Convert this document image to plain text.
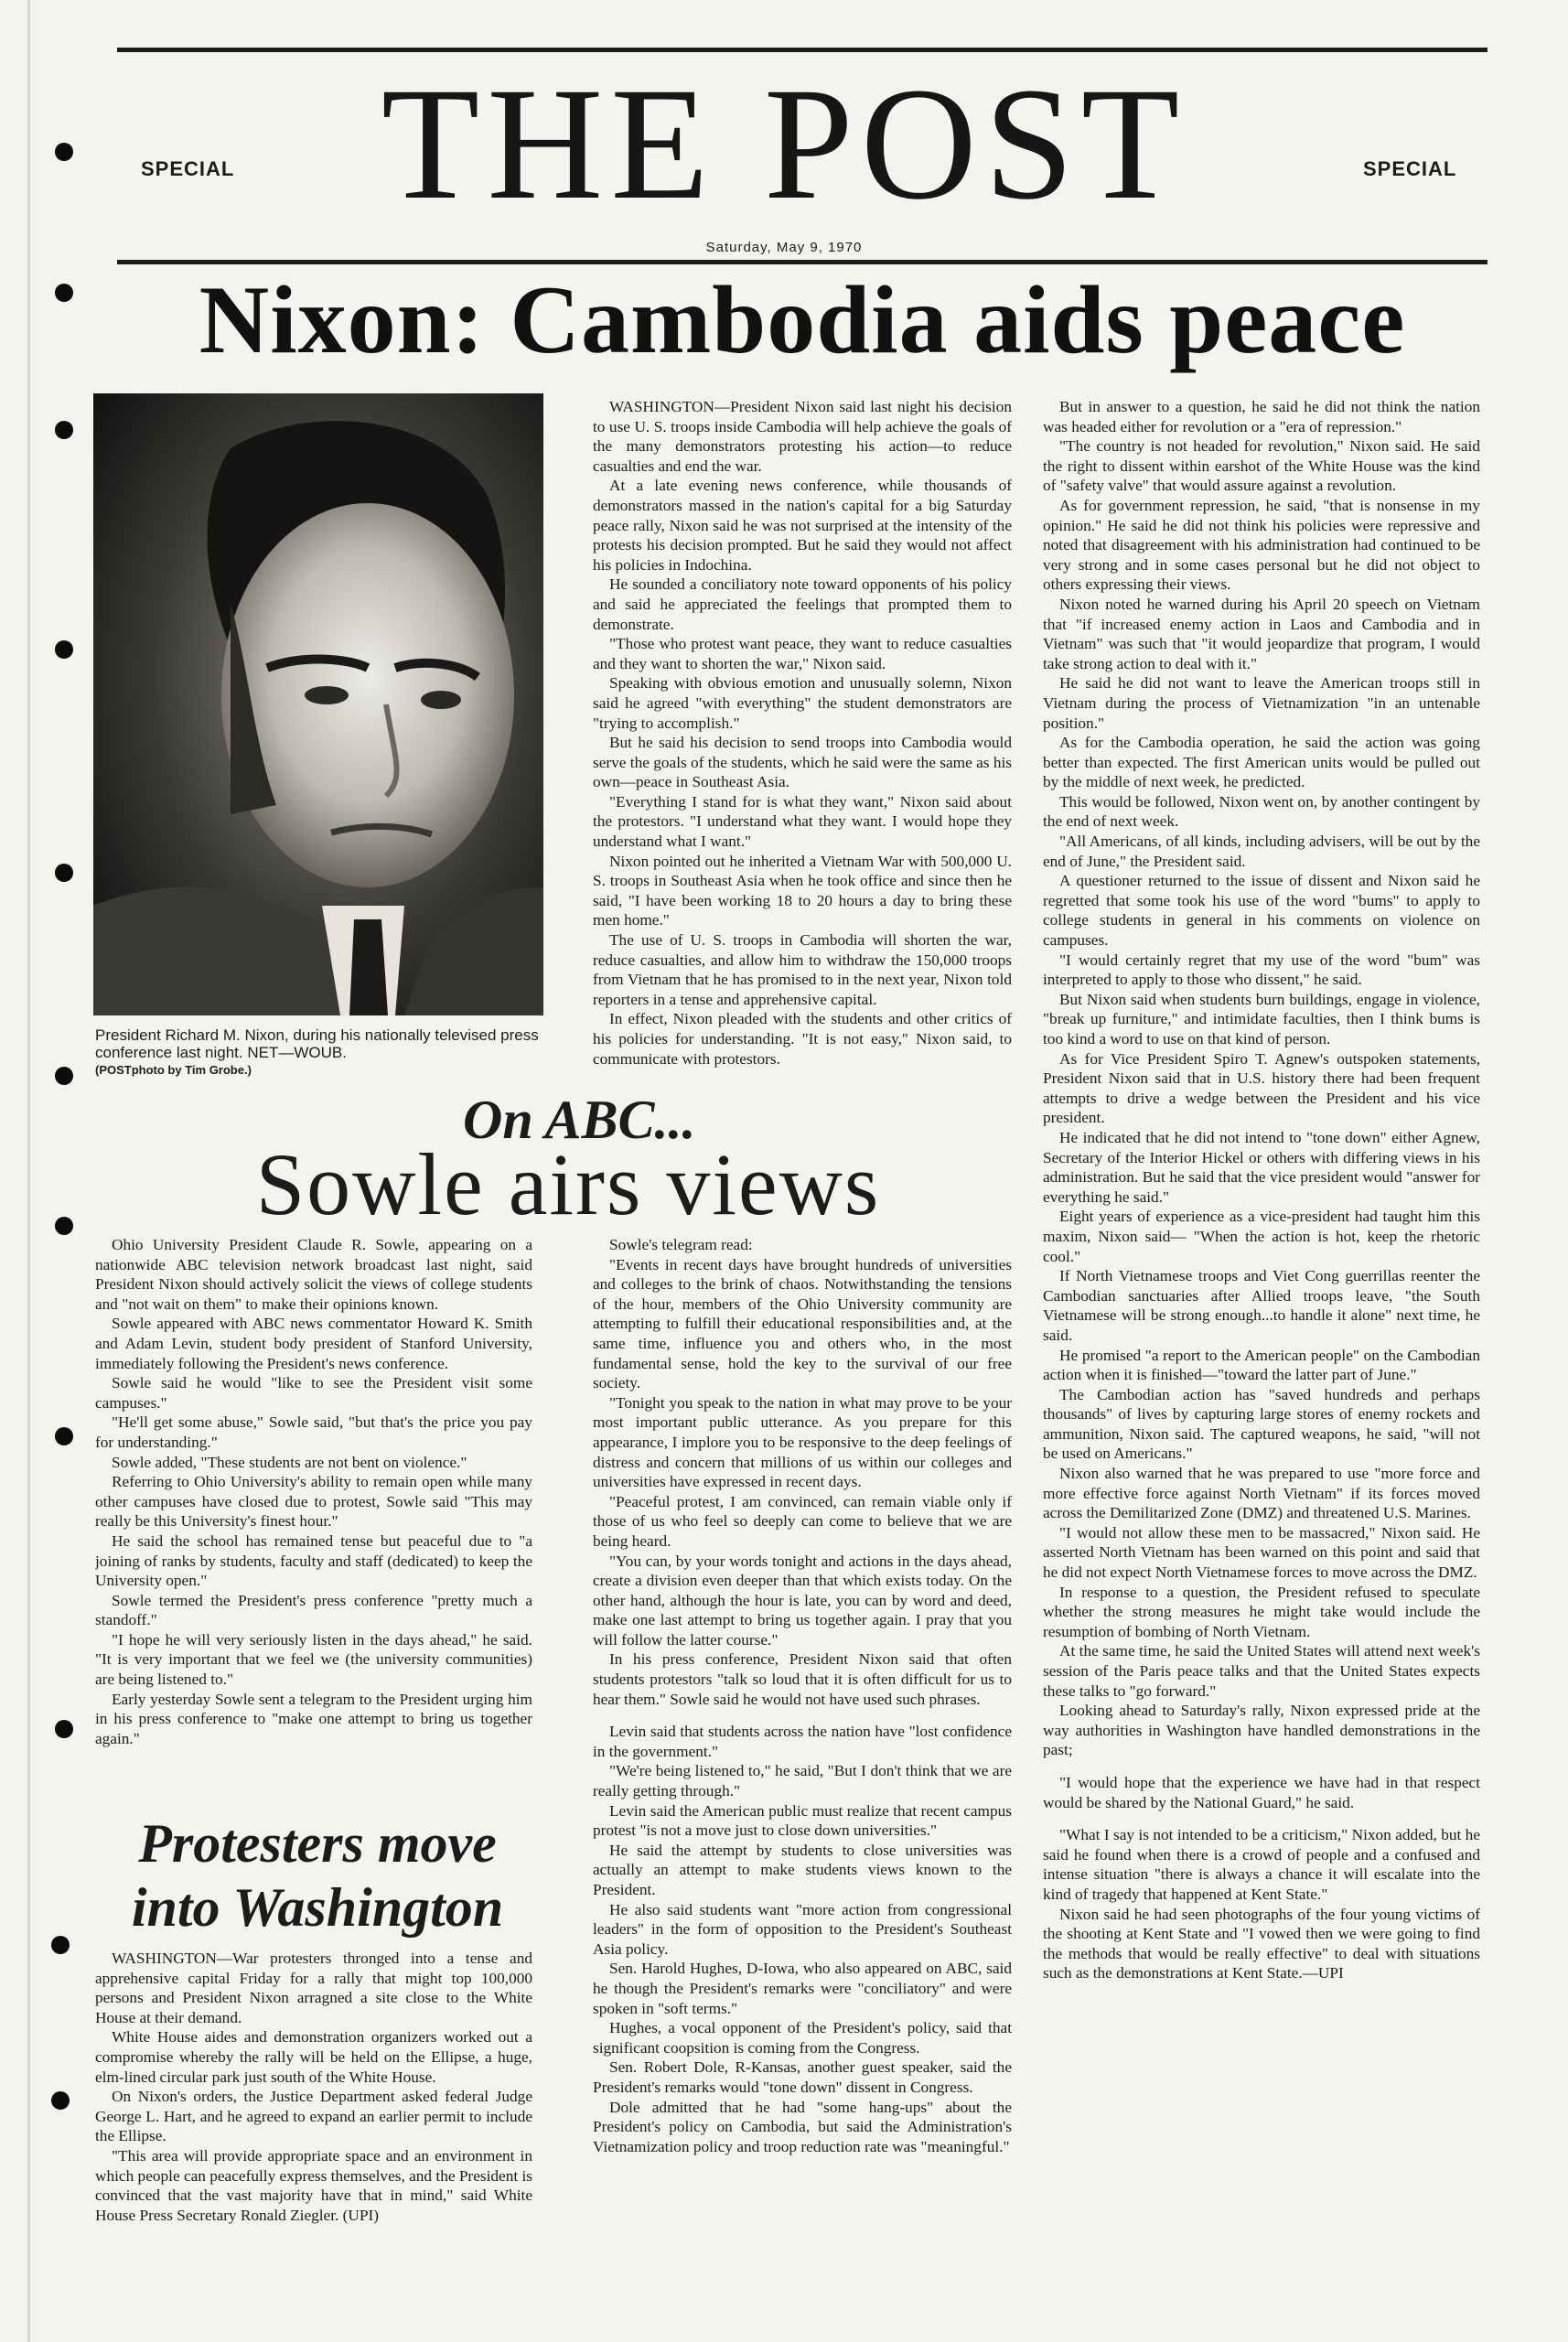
SPECIAL THE POST	SPECIAL
Saturday, May 9, 1970
Nixon: Cambodia aids peace
President Richard M. Nixon, during his nationally televised press conference last night. NET—WOUB.
(POSTphoto by Tim Grobe.)

WASHINGTON—President Nixon said last night his decision to use U. S. troops inside Cambodia will help achieve the goals of the many demonstrators protesting his action—to reduce casualties and end the war.

At a late evening news conference, while thousands of demonstrators massed in the nation's capital for a big Saturday peace rally, Nixon said he was not surprised at the intensity of the protests his decision prompted. But he said they would not affect his policies in Indochina.

He sounded a conciliatory note toward opponents of his policy and said he appreciated the feelings that prompted them to demonstrate.

"Those who protest want peace, they want to reduce casualties and they want to shorten the war," Nixon said.

Speaking with obvious emotion and unusually solemn, Nixon said he agreed "with everything" the student demonstrators are "trying to accomplish."

But he said his decision to send troops into Cambodia would serve the goals of the students, which he said were the same as his own—peace in Southeast Asia.

"Everything I stand for is what they want," Nixon said about the protestors. "I understand what they want. I would hope they understand what I want."

Nixon pointed out he inherited a Vietnam War with 500,000 U. S. troops in Southeast Asia when he took office and since then he said, "I have been working 18 to 20 hours a day to bring these men home."

The use of U. S. troops in Cambodia will shorten the war, reduce casualties, and allow him to withdraw the 150,000 troops from Vietnam that he has promised to in the next year, Nixon told reporters in a tense and apprehensive capital.

In effect, Nixon pleaded with the students and other critics of his policies for understanding. "It is not easy," Nixon said, to communicate with protestors.

But in answer to a question, he said he did not think the nation was headed either for revolution or a "era of repression."

"The country is not headed for revolution," Nixon said. He said the right to dissent within earshot of the White House was the kind of "safety valve" that would assure against a revolution.

As for government repression, he said, "that is nonsense in my opinion." He said he did not think his policies were repressive and noted that disagreement with his administration had continued to be very strong and in some cases personal but he did not object to others expressing their views.

Nixon noted he warned during his April 20 speech on Vietnam that "if increased enemy action in Laos and Cambodia and in Vietnam" was such that "it would jeopardize that program, I would take strong action to deal with it."

He said he did not want to leave the American troops still in Vietnam during the process of Vietnamization "in an untenable position."

As for the Cambodia operation, he said the action was going better than expected. The first American units would be pulled out by the middle of next week, he predicted.

This would be followed, Nixon went on, by another contingent by the end of next week.

"All Americans, of all kinds, including advisers, will be out by the end of June," the President said.

A questioner returned to the issue of dissent and Nixon said he regretted that some took his use of the word "bums" to apply to college students in general in his comments on violence on campuses.

"I would certainly regret that my use of the word "bum" was interpreted to apply to those who dissent," he said.

But Nixon said when students burn buildings, engage in violence, "break up furniture," and intimidate faculties, then I think bums is too kind a word to use on that kind of person.

As for Vice President Spiro T. Agnew's outspoken statements, President Nixon said that in U.S. history there had been frequent attempts to drive a wedge between the President and his vice president.

He indicated that he did not intend to "tone down" either Agnew, Secretary of the Interior Hickel or others with differing views in his administration. But he said that the vice president would "answer for everything he said."

Eight years of experience as a vice-president had taught him this maxim, Nixon said— "When the action is hot, keep the rhetoric cool."

If North Vietnamese troops and Viet Cong guerrillas reenter the Cambodian sanctuaries after Allied troops leave, "the South Vietnamese will be strong enough...to handle it alone" next time, he said.

He promised "a report to the American people" on the Cambodian action when it is finished—"toward the latter part of June."

The Cambodian action has "saved hundreds and perhaps thousands" of lives by capturing large stores of enemy rockets and ammunition, Nixon said. The captured weapons, he said, "will not be used on Americans."

Nixon also warned that he was prepared to use "more force and more effective force against North Vietnam" if its forces moved across the Demilitarized Zone (DMZ) and threatened U.S. Marines.

"I would not allow these men to be massacred," Nixon said. He asserted North Vietnam has been warned on this point and said that he did not expect North Vietnamese forces to move across the DMZ.

In response to a question, the President refused to speculate whether the strong measures he might take would include the resumption of bombing of North Vietnam.

At the same time, he said the United States will attend next week's session of the Paris peace talks and that the United States expects these talks to "go forward."

Looking ahead to Saturday's rally, Nixon expressed pride at the way authorities in Washington have handled demonstrations in the past;

"I would hope that the experience we have had in that respect would be shared by the National Guard," he said.

"What I say is not intended to be a criticism," Nixon added, but he said he found when there is a crowd of people and a confused and intense situation "there is always a chance it will escalate into the kind of tragedy that happened at Kent State."

Nixon said he had seen photographs of the four young victims of the shooting at Kent State and "I vowed then we were going to find the methods that would be really effective" to deal with situations such as the demonstrations at Kent State.—UPI

On ABC...
Sowle airs views

Ohio University President Claude R. Sowle, appearing on a nationwide ABC television network broadcast last night, said President Nixon should actively solicit the views of college students and "not wait on them" to make their opinions known.

Sowle appeared with ABC news commentator Howard K. Smith and Adam Levin, student body president of Stanford University, immediately following the President's news conference.

Sowle said he would "like to see the President visit some campuses."

"He'll get some abuse," Sowle said, "but that's the price you pay for understanding."

Sowle added, "These students are not bent on violence."

Referring to Ohio University's ability to remain open while many other campuses have closed due to protest, Sowle said "This may really be this University's finest hour."

He said the school has remained tense but peaceful due to "a joining of ranks by students, faculty and staff (dedicated) to keep the University open."

Sowle termed the President's press conference "pretty much a standoff."

"I hope he will very seriously listen in the days ahead," he said. "It is very important that we feel we (the university communities) are being listened to."

Early yesterday Sowle sent a telegram to the President urging him in his press conference to "make one attempt to bring us together again."

Sowle's telegram read:

"Events in recent days have brought hundreds of universities and colleges to the brink of chaos. Notwithstanding the tensions of the hour, members of the Ohio University community are attempting to fulfill their educational responsibilities and, at the same time, influence you and others who, in the most fundamental sense, hold the key to the survival of our free society.

"Tonight you speak to the nation in what may prove to be your most important public utterance. As you prepare for this appearance, I implore you to be responsive to the deep feelings of distress and concern that millions of us within our colleges and universities have expressed in recent days.

"Peaceful protest, I am convinced, can remain viable only if those of us who feel so deeply can come to believe that we are being heard.

"You can, by your words tonight and actions in the days ahead, create a division even deeper than that which exists today. On the other hand, although the hour is late, you can by word and deed, make one last attempt to bring us together again. I pray that you will follow the latter course."

In his press conference, President Nixon said that often students protestors "talk so loud that it is often difficult for us to hear them." Sowle said he would not have used such phrases.

Levin said that students across the nation have "lost confidence in the government."

"We're being listened to," he said, "But I don't think that we are really getting through."

Levin said the American public must realize that recent campus protest "is not a move just to close down universities."

He said the attempt by students to close universities was actually an attempt to make students views known to the President.

He also said students want "more action from congressional leaders" in the form of opposition to the President's Southeast Asia policy.

Sen. Harold Hughes, D-Iowa, who also appeared on ABC, said he though the President's remarks were "conciliatory" and were spoken in "soft terms."

Hughes, a vocal opponent of the President's policy, said that significant coopsition is coming from the Congress.

Sen. Robert Dole, R-Kansas, another guest speaker, said the President's remarks would "tone down" dissent in Congress.

Dole admitted that he had "some hang-ups" about the President's policy on Cambodia, but said the Administration's Vietnamization policy and troop reduction rate was "meaningful."

Protesters move into Washington

WASHINGTON—War protesters thronged into a tense and apprehensive capital Friday for a rally that might top 100,000 persons and President Nixon arragned a site close to the White House at their demand.

White House aides and demonstration organizers worked out a compromise whereby the rally will be held on the Ellipse, a huge, elm-lined circular park just south of the White House.

On Nixon's orders, the Justice Department asked federal Judge George L. Hart, and he agreed to expand an earlier permit to include the Ellipse.

"This area will provide appropriate space and an environment in which people can peacefully express themselves, and the President is convinced that the vast majority have that in mind," said White House Press Secretary Ronald Ziegler. (UPI)
